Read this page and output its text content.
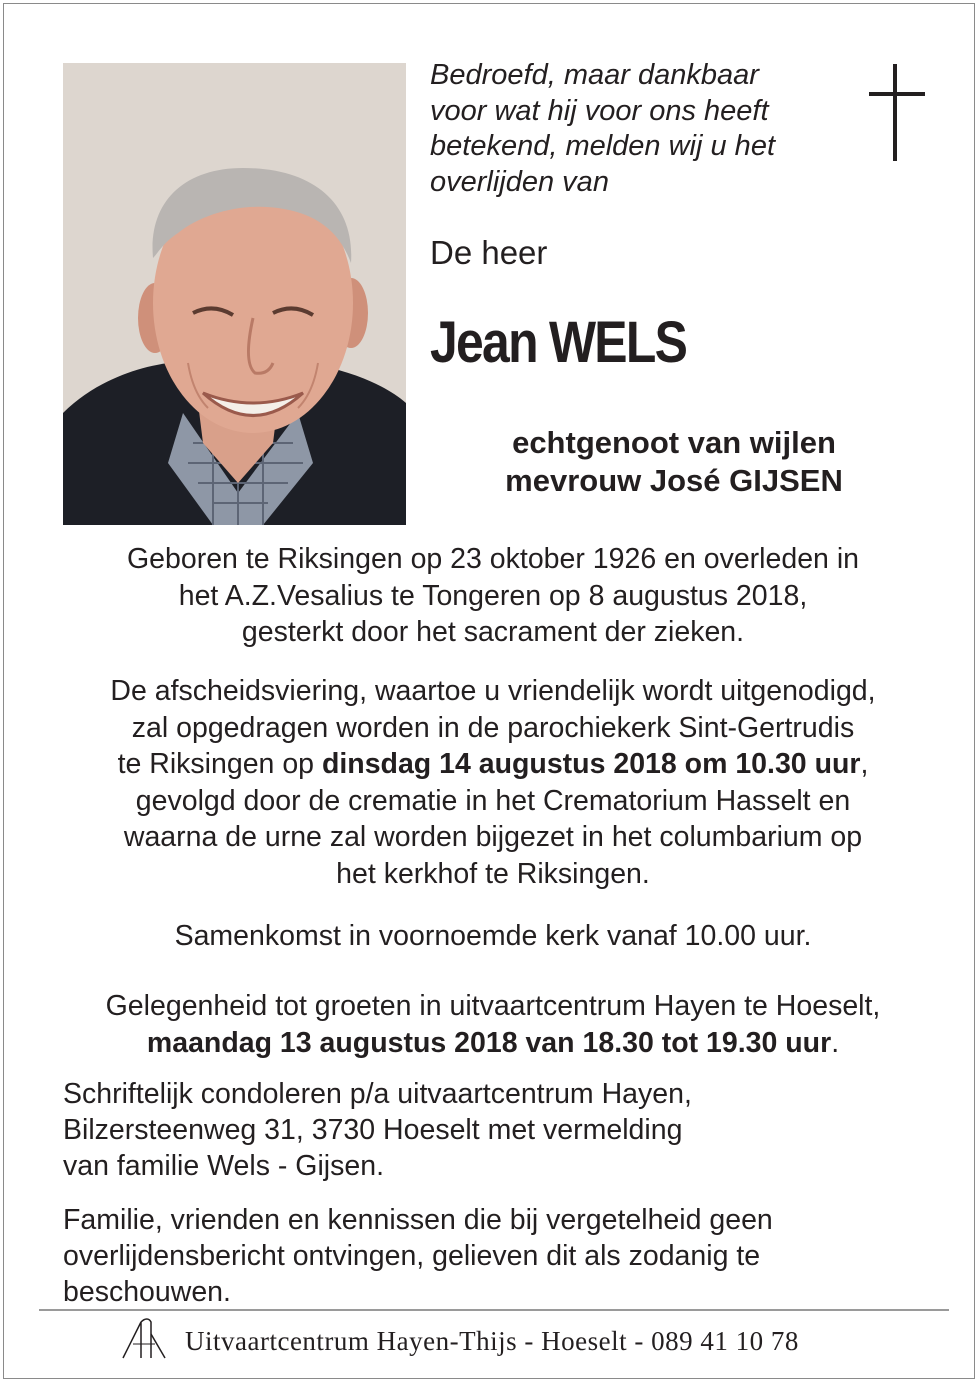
Bedroefd, maar dankbaar
voor wat hij voor ons heeft
betekend, melden wij u het
overlijden van

De heer

Jean WELS

echtgenoot van wijlen
mevrouw José GIJSEN

Geboren te Riksingen op 23 oktober 1926 en overleden in
het A.Z.Vesalius te Tongeren op 8 augustus 2018,
gesterkt door het sacrament der zieken.

De afscheidsviering, waartoe u vriendelijk wordt uitgenodigd,
zal opgedragen worden in de parochiekerk Sint-Gertrudis
te Riksingen op dinsdag 14 augustus 2018 om 10.30 uur,
gevolgd door de crematie in het Crematorium Hasselt en
waarna de urne zal worden bijgezet in het columbarium op
het kerkhof te Riksingen.

Samenkomst in voornoemde kerk vanaf 10.00 uur.

Gelegenheid tot groeten in uitvaartcentrum Hayen te Hoeselt,
maandag 13 augustus 2018 van 18.30 tot 19.30 uur.

Schriftelijk condoleren p/a uitvaartcentrum Hayen,
Bilzersteenweg 31, 3730 Hoeselt met vermelding
van familie Wels - Gijsen.

Familie, vrienden en kennissen die bij vergetelheid geen
overlijdensbericht ontvingen, gelieven dit als zodanig te
beschouwen.

Uitvaartcentrum Hayen-Thijs - Hoeselt - 089 41 10 78
